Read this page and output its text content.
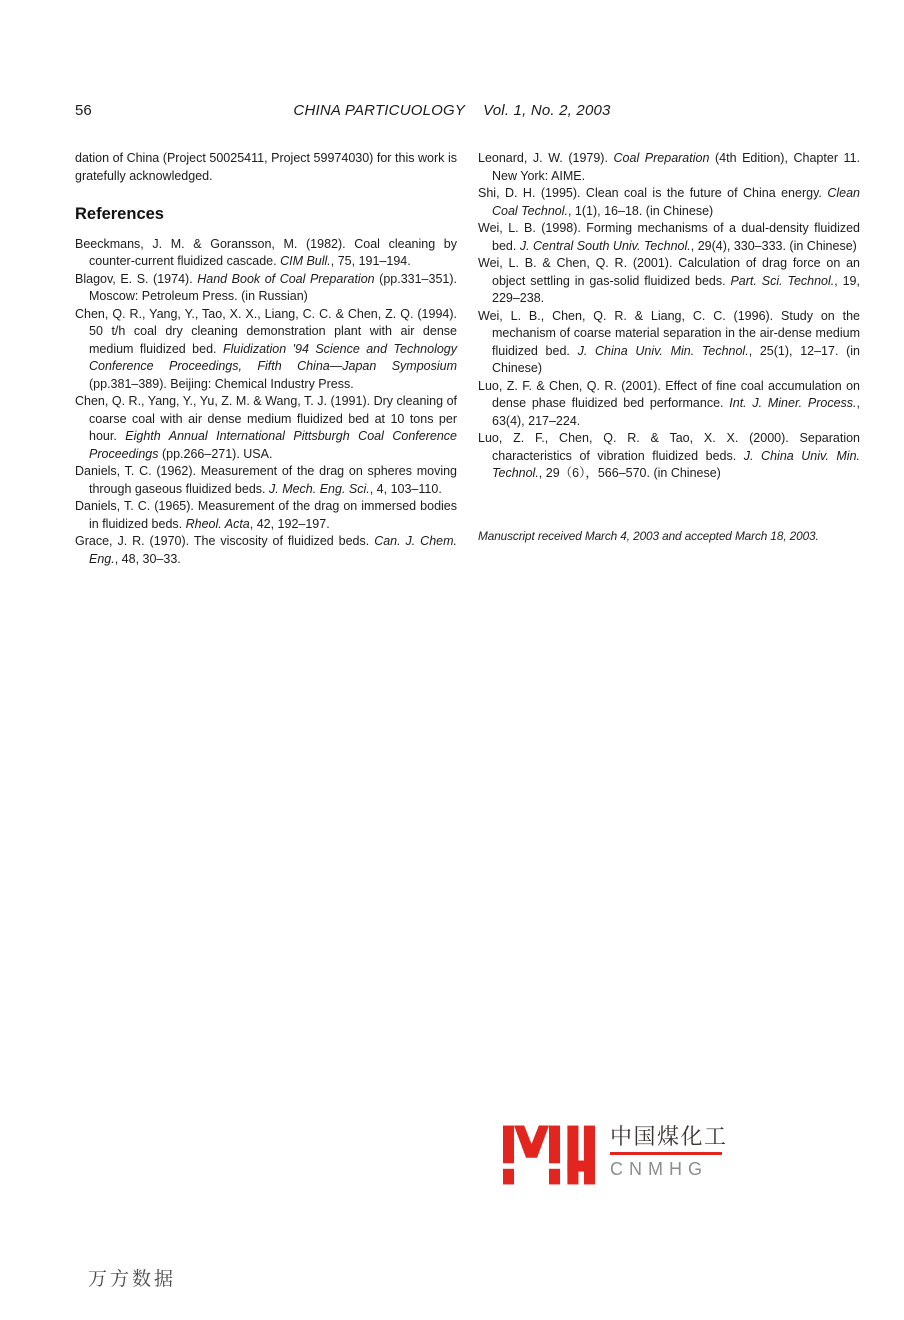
56	CHINA PARTICUOLOGY Vol. 1, No. 2, 2003

dation of China (Project 50025411, Project 59974030) for this work is gratefully acknowledged.

References

Beeckmans, J. M. & Goransson, M. (1982). Coal cleaning by counter-current fluidized cascade. CIM Bull., 75, 191–194.

Blagov, E. S. (1974). Hand Book of Coal Preparation (pp.331–351). Moscow: Petroleum Press. (in Russian)

Chen, Q. R., Yang, Y., Tao, X. X., Liang, C. C. & Chen, Z. Q. (1994). 50 t/h coal dry cleaning demonstration plant with air dense medium fluidized bed. Fluidization '94 Science and Technology Conference Proceedings, Fifth China—Japan Symposium (pp.381–389). Beijing: Chemical Industry Press.

Chen, Q. R., Yang, Y., Yu, Z. M. & Wang, T. J. (1991). Dry cleaning of coarse coal with air dense medium fluidized bed at 10 tons per hour. Eighth Annual International Pittsburgh Coal Conference Proceedings (pp.266–271). USA.

Daniels, T. C. (1962). Measurement of the drag on spheres moving through gaseous fluidized beds. J. Mech. Eng. Sci., 4, 103–110.

Daniels, T. C. (1965). Measurement of the drag on immersed bodies in fluidized beds. Rheol. Acta, 42, 192–197.

Grace, J. R. (1970). The viscosity of fluidized beds. Can. J. Chem. Eng., 48, 30–33.

Leonard, J. W. (1979). Coal Preparation (4th Edition), Chapter 11. New York: AIME.

Shi, D. H. (1995). Clean coal is the future of China energy. Clean Coal Technol., 1(1), 16–18. (in Chinese)

Wei, L. B. (1998). Forming mechanisms of a dual-density fluidized bed. J. Central South Univ. Technol., 29(4), 330–333. (in Chinese)

Wei, L. B. & Chen, Q. R. (2001). Calculation of drag force on an object settling in gas-solid fluidized beds. Part. Sci. Technol., 19, 229–238.

Wei, L. B., Chen, Q. R. & Liang, C. C. (1996). Study on the mechanism of coarse material separation in the air-dense medium fluidized bed. J. China Univ. Min. Technol., 25(1), 12–17. (in Chinese)

Luo, Z. F. & Chen, Q. R. (2001). Effect of fine coal accumulation on dense phase fluidized bed performance. Int. J. Miner. Process., 63(4), 217–224.

Luo, Z. F., Chen, Q. R. & Tao, X. X. (2000). Separation characteristics of vibration fluidized beds. J. China Univ. Min. Technol., 29（6），566–570. (in Chinese)

Manuscript received March 4, 2003 and accepted March 18, 2003.

中国煤化工
CNMHG
万方数据
